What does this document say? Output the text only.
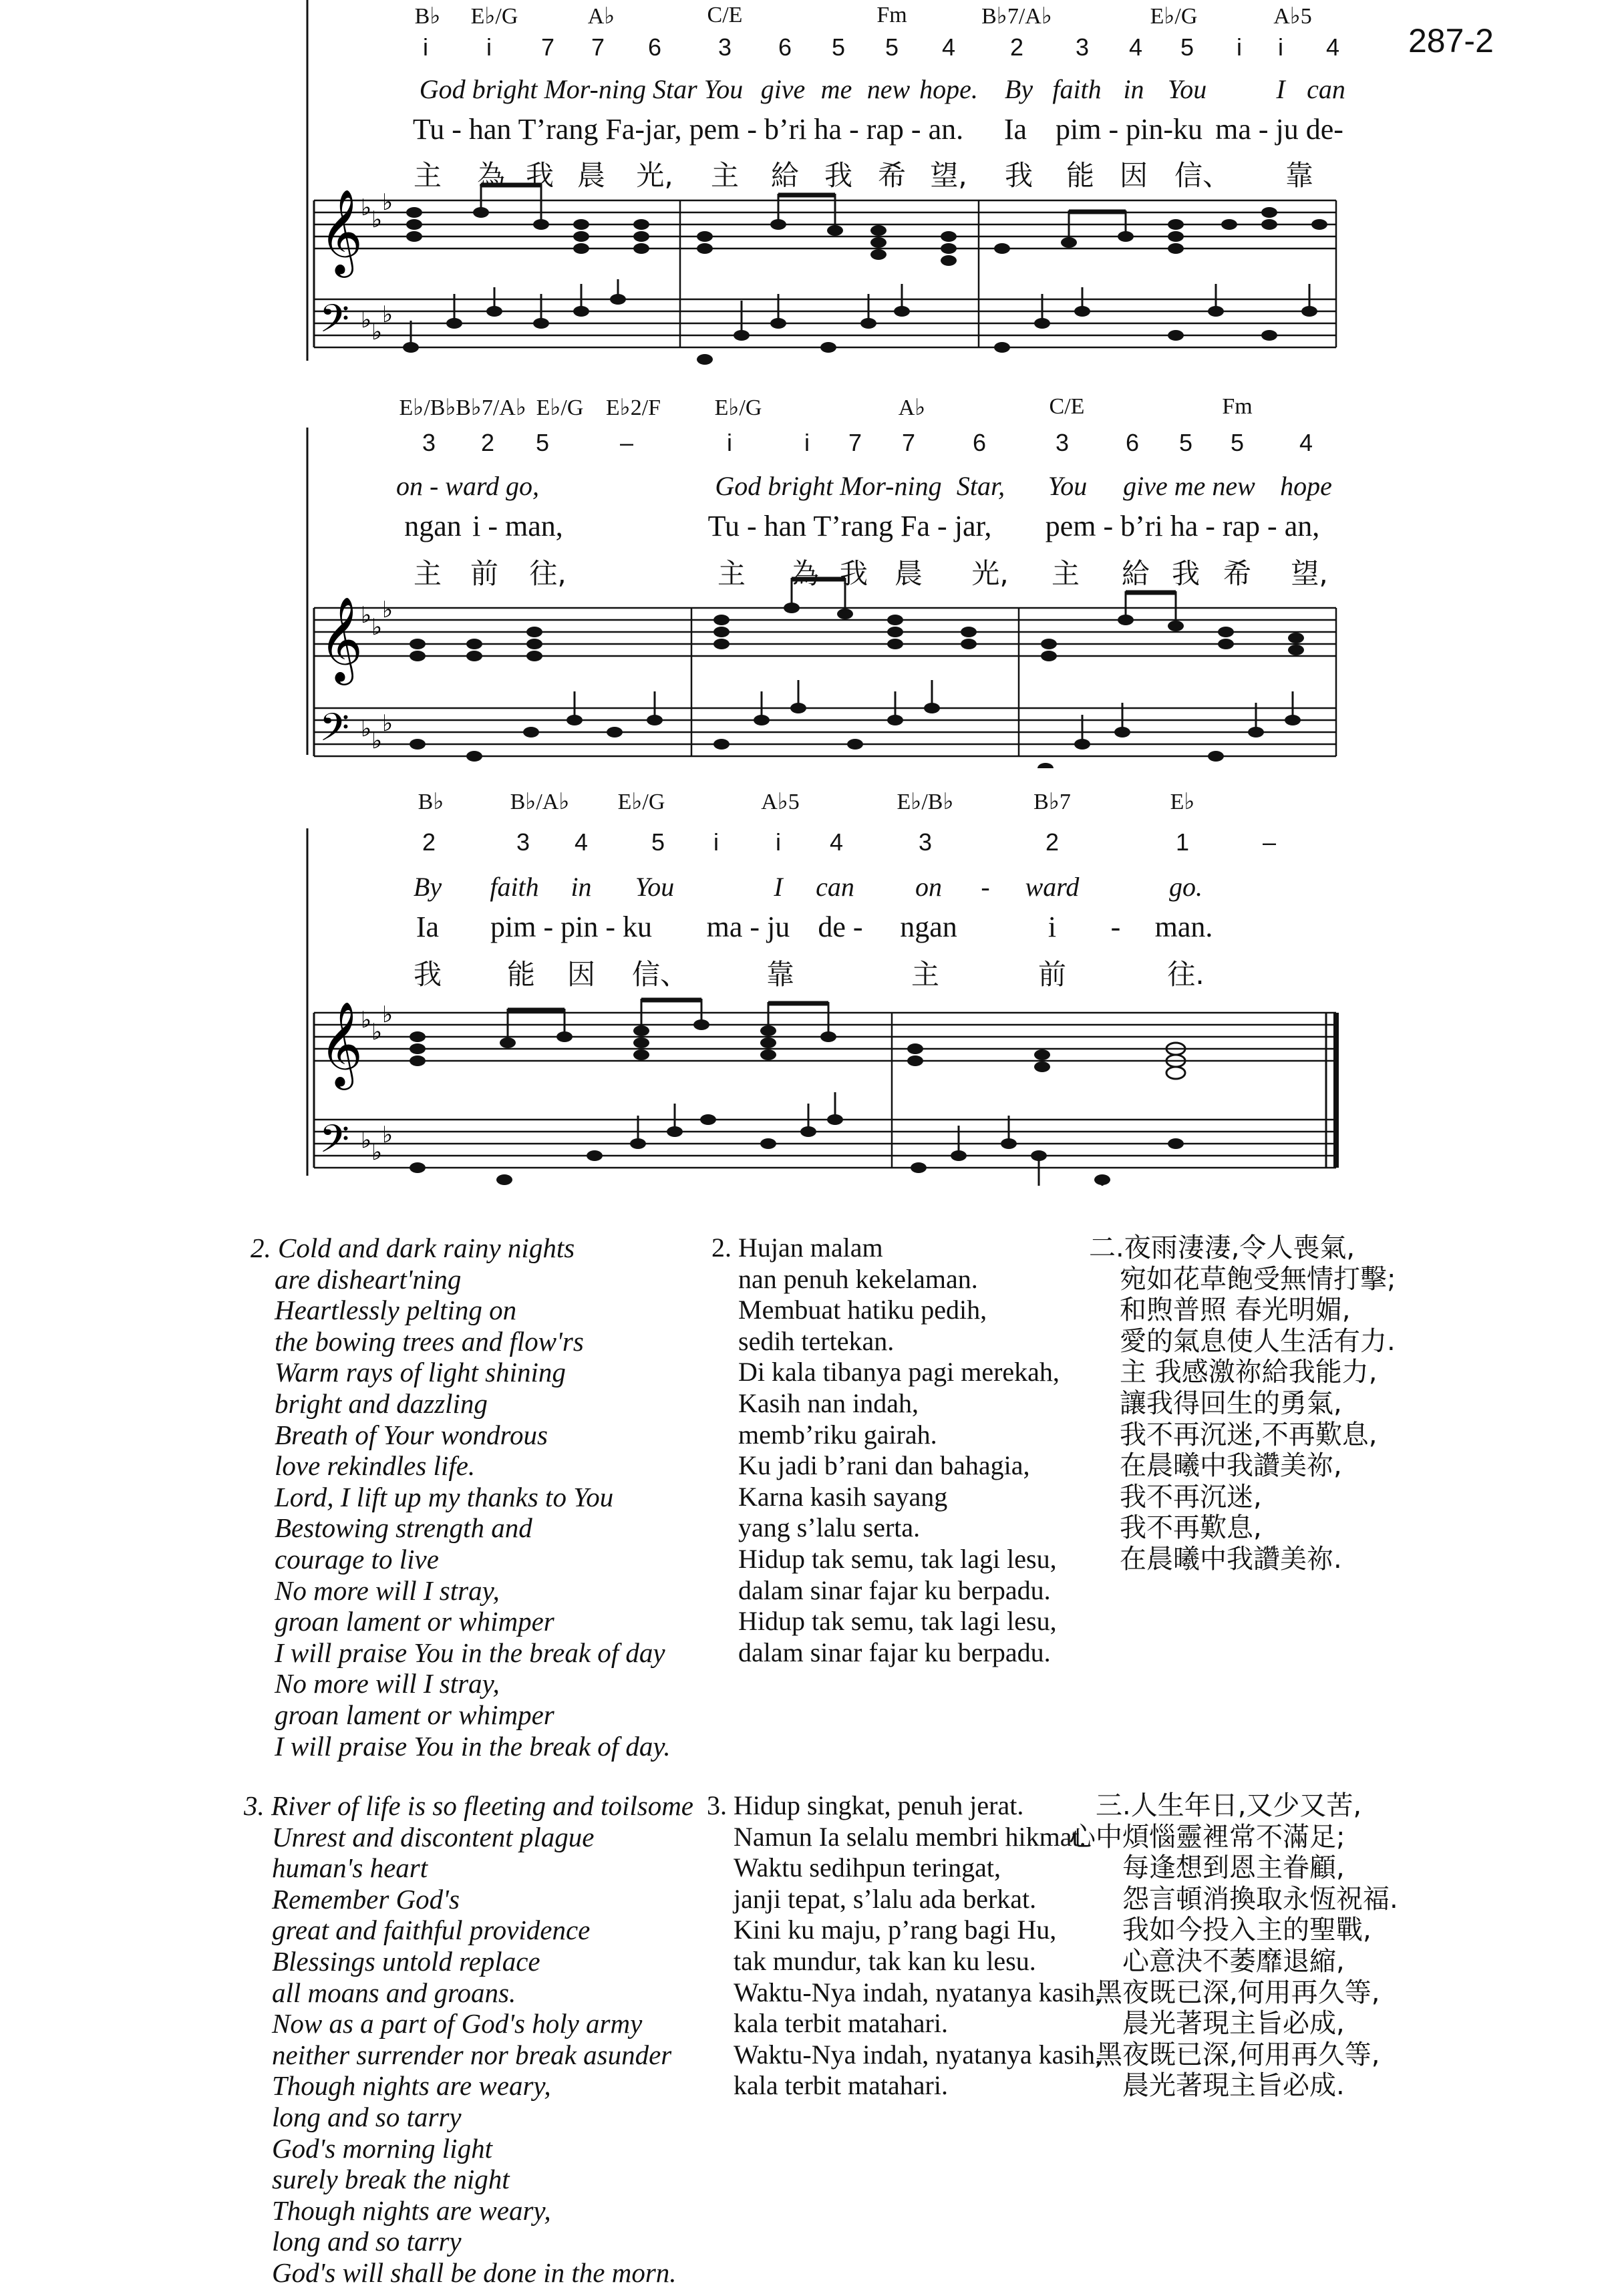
287-2
B♭ E♭/G	A♭	C/E	Fm	B♭7/A♭	E♭/G	A♭5
i i 7 7 6 3 6 5 5 4 2 3 4 5 i i 4
God bright Mor-ning Star You give me new hope. By faith in You	I can
Tu - han T’rang Fa-jar, pem - b’ri ha - rap - an. Ia pim - pin-ku ma - ju de-
主 為 我 晨 光, 主 給 我 希 望, 我 能 因 信、 靠
𝄞
𝄢
♭ ♭
♭
♭ ♭
♭
E♭/B♭ B♭7/A♭ E♭/G E♭2/F E♭/G	A♭	C/E	Fm
3 2 5	–	i	i 7 7 6	3 6 5 5 4
on - ward go,	God bright Mor-ning Star, You give me new hope
ngan i - man,	Tu - han T’rang Fa - jar, pem - b’ri ha - rap - an,
主 前 往,	主 為 我 晨 光, 主 給 我 希 望,
𝄞
𝄢
♭ ♭
♭
♭ ♭
♭
B♭	B♭/A♭ E♭/G	A♭5	E♭/B♭	B♭7	E♭
2	3 4	5 i i 4	3	2	1	–
By faith in You	I can on - ward	go.
Ia pim - pin - ku ma - ju de - ngan	i - man.
我 能 因 信、	靠	主	前	往.
𝄞
𝄢
♭ ♭
♭
♭ ♭
♭
2. Cold and dark rainy nights
are disheart'ning
Heartlessly pelting on
the bowing trees and flow'rs
Warm rays of light shining
bright and dazzling
Breath of Your wondrous
love rekindles life.
Lord, I lift up my thanks to You
Bestowing strength and
courage to live
No more will I stray,
groan lament or whimper
I will praise You in the break of day
No more will I stray,
groan lament or whimper
I will praise You in the break of day.
2. Hujan malam
nan penuh kekelaman.
Membuat hatiku pedih,
sedih tertekan.
Di kala tibanya pagi merekah,
Kasih nan indah,
memb’riku gairah.
Ku jadi b’rani dan bahagia,
Karna kasih sayang
yang s’lalu serta.
Hidup tak semu, tak lagi lesu,
dalam sinar fajar ku berpadu.
Hidup tak semu, tak lagi lesu,
dalam sinar fajar ku berpadu.
二.夜雨淒淒,令人喪氣,
宛如花草飽受無情打擊;
和煦普照 春光明媚,
愛的氣息使人生活有力.
主 我感激祢給我能力,
讓我得回生的勇氣,
我不再沉迷,不再歎息,
在晨曦中我讚美祢,
我不再沉迷,
我不再歎息,
在晨曦中我讚美祢.
3. River of life is so fleeting and toilsome
Unrest and discontent plague
human's heart
Remember God's
great and faithful providence
Blessings untold replace
all moans and groans.
Now as a part of God's holy army
neither surrender nor break asunder
Though nights are weary,
long and so tarry
God's morning light
surely break the night
Though nights are weary,
long and so tarry
God's will shall be done in the morn.
3. Hidup singkat, penuh jerat.
Namun Ia selalu membri hikmat.
Waktu sedihpun teringat,
janji tepat, s’lalu ada berkat.
Kini ku maju, p’rang bagi Hu,
tak mundur, tak kan ku lesu.
Waktu-Nya indah, nyatanya kasih,
kala terbit matahari.
Waktu-Nya indah, nyatanya kasih,
kala terbit matahari.
三.人生年日,又少又苦,
心中煩惱靈裡常不滿足;
每逢想到恩主眷顧,
怨言頓消換取永恆祝福.
我如今投入主的聖戰,
心意決不萎靡退縮,
黑夜既已深,何用再久等,
晨光著現主旨必成,
黑夜既已深,何用再久等,
晨光著現主旨必成.
